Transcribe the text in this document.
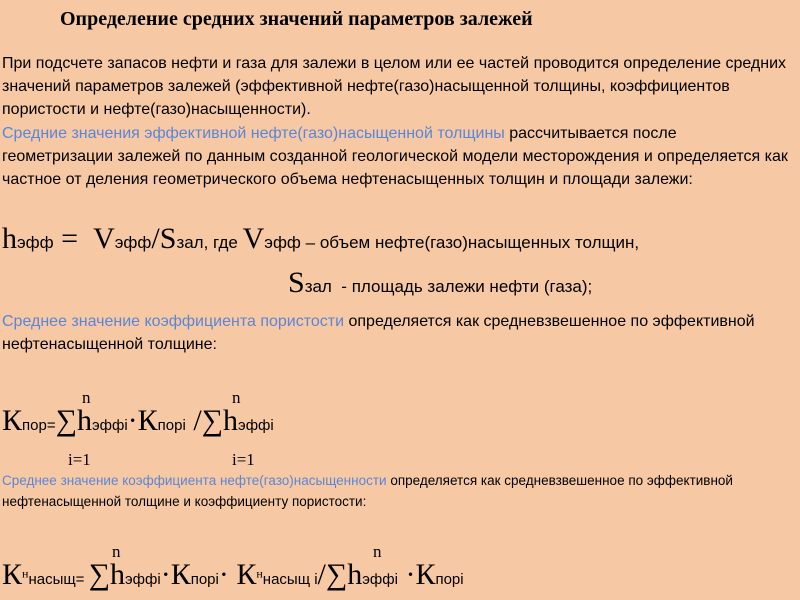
Определение средних значений параметров залежей
При подсчете запасов нефти и газа для залежи в целом или ее частей проводится определение средних значений параметров залежей (эффективной нефте(газо)насыщенной толщины, коэффициентов пористости и нефте(газо)насыщенности).
Средние значения эффективной нефте(газо)насыщенной толщины рассчитывается после геометризации залежей по данным созданной геологической модели месторождения и определяется как частное от деления геометрического объема нефтенасыщенных толщин и площади залежи:
hэфф =  Vэфф/Sзал, где Vэфф – объем нефте(газо)насыщенных толщин,
Sзал  - площадь залежи нефти (газа);
Среднее значение коэффициента пористости определяется как средневзвешенное по эффективной нефтенасыщенной толщине:
n	n
Кпор=∑hэффi·Кпорi /∑hэффi
i=1	i=1
Среднее значение коэффициента нефте(газо)насыщенности определяется как средневзвешенное по эффективной нефтенасыщенной толщине и коэффициенту пористости:
n	n
$К^ннасыщ=$ ∑hэффi·Кпорi· $К^ннасыщ$ i/∑hэффi ·Кпорi
